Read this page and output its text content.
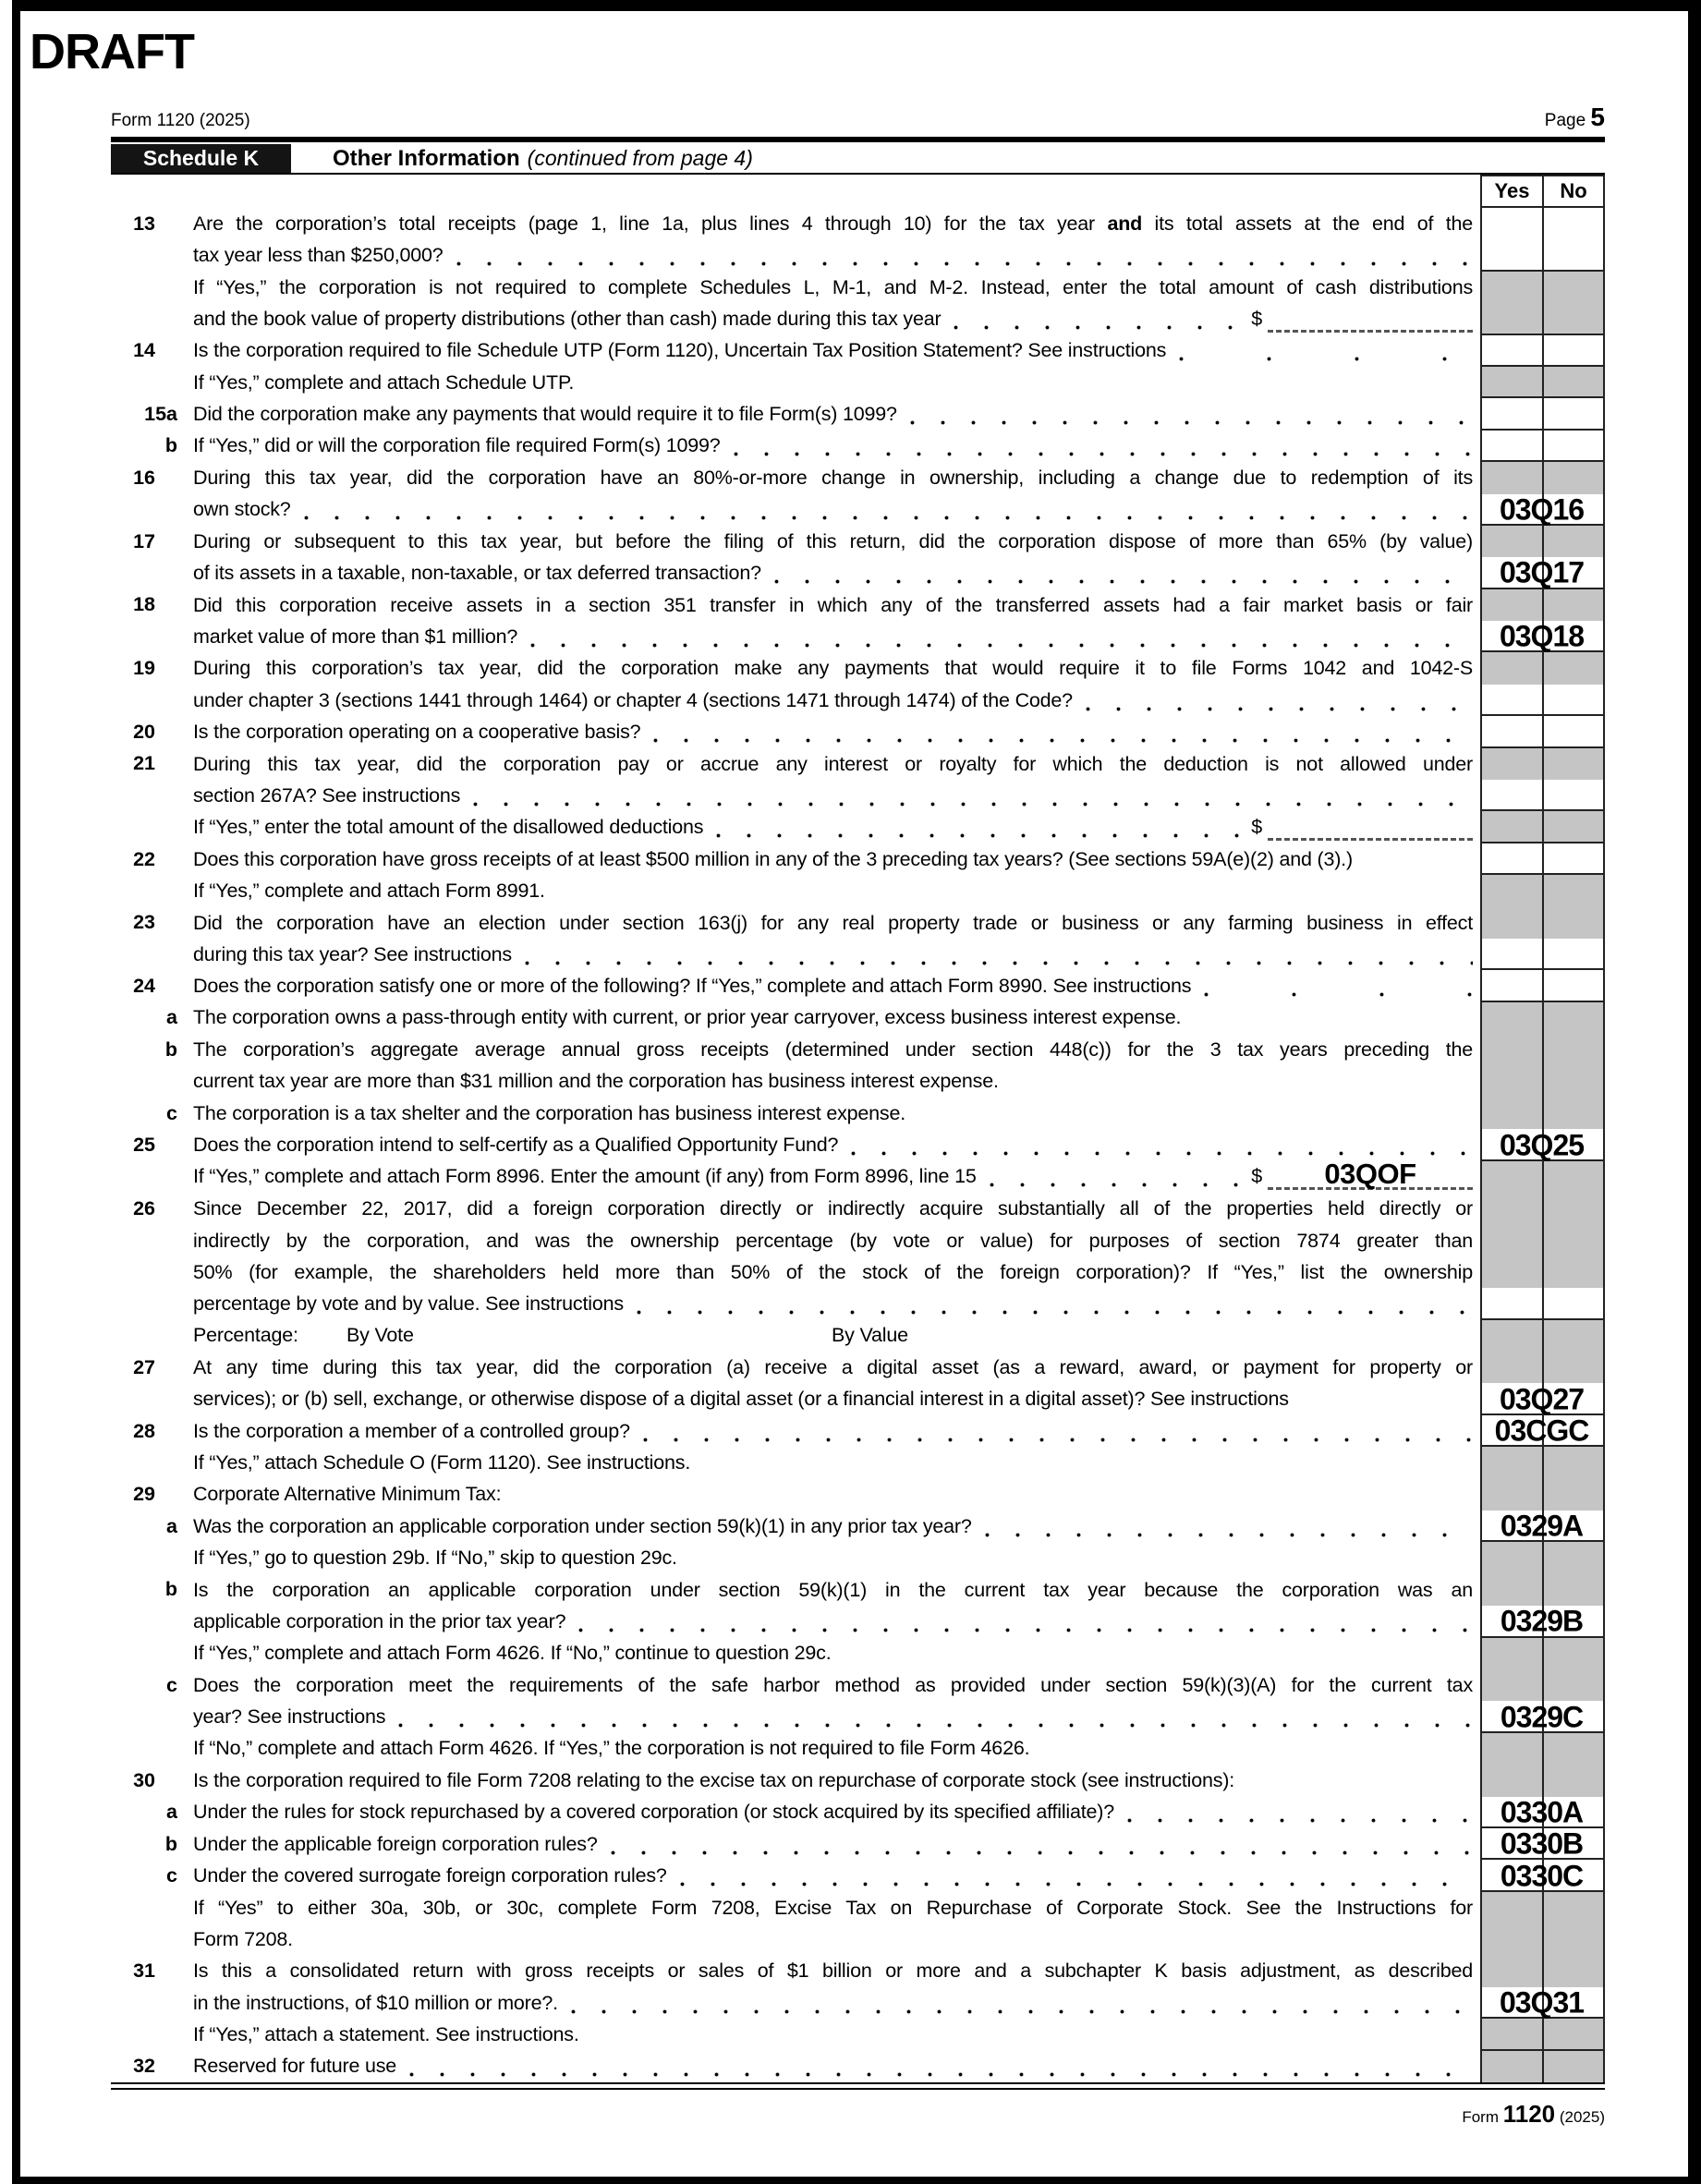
DRAFT
Form 1120 (2025)	Page 5
Schedule K	Other Information (continued from page 4)
Yes	No
13	Are the corporation’s total receipts (page 1, line 1a, plus lines 4 through 10) for the tax year and its total assets at the end of the
tax year less than $250,000?
If “Yes,” the corporation is not required to complete Schedules L, M-1, and M-2. Instead, enter the total amount of cash distributions
and the book value of property distributions (other than cash) made during this tax year	$
14	Is the corporation required to file Schedule UTP (Form 1120), Uncertain Tax Position Statement? See instructions
If “Yes,” complete and attach Schedule UTP.
15a Did the corporation make any payments that would require it to file Form(s) 1099?
b If “Yes,” did or will the corporation file required Form(s) 1099?
16	During this tax year, did the corporation have an 80%-or-more change in ownership, including a change due to redemption of its
own stock?	03Q16
17	During or subsequent to this tax year, but before the filing of this return, did the corporation dispose of more than 65% (by value)
of its assets in a taxable, non-taxable, or tax deferred transaction?	03Q17
18	Did this corporation receive assets in a section 351 transfer in which any of the transferred assets had a fair market basis or fair
market value of more than $1 million?	03Q18
19	During this corporation’s tax year, did the corporation make any payments that would require it to file Forms 1042 and 1042-S
under chapter 3 (sections 1441 through 1464) or chapter 4 (sections 1471 through 1474) of the Code?
20	Is the corporation operating on a cooperative basis?
21	During this tax year, did the corporation pay or accrue any interest or royalty for which the deduction is not allowed under
section 267A? See instructions
If “Yes,” enter the total amount of the disallowed deductions	$
22	Does this corporation have gross receipts of at least $500 million in any of the 3 preceding tax years? (See sections 59A(e)(2) and (3).)
If “Yes,” complete and attach Form 8991.
23	Did the corporation have an election under section 163(j) for any real property trade or business or any farming business in effect
during this tax year? See instructions
24	Does the corporation satisfy one or more of the following? If “Yes,” complete and attach Form 8990. See instructions
a The corporation owns a pass-through entity with current, or prior year carryover, excess business interest expense.
b The corporation’s aggregate average annual gross receipts (determined under section 448(c)) for the 3 tax years preceding the
current tax year are more than $31 million and the corporation has business interest expense.
c The corporation is a tax shelter and the corporation has business interest expense.
25	Does the corporation intend to self-certify as a Qualified Opportunity Fund?	03Q25
If “Yes,” complete and attach Form 8996. Enter the amount (if any) from Form 8996, line 15	$	03QOF
26	Since December 22, 2017, did a foreign corporation directly or indirectly acquire substantially all of the properties held directly or
indirectly by the corporation, and was the ownership percentage (by vote or value) for purposes of section 7874 greater than
50% (for example, the shareholders held more than 50% of the stock of the foreign corporation)? If “Yes,” list the ownership
percentage by vote and by value. See instructions
Percentage:	By Vote	By Value
27	At any time during this tax year, did the corporation (a) receive a digital asset (as a reward, award, or payment for property or
services); or (b) sell, exchange, or otherwise dispose of a digital asset (or a financial interest in a digital asset)? See instructions	03Q27
28	Is the corporation a member of a controlled group?	03CGC
If “Yes,” attach Schedule O (Form 1120). See instructions.
29	Corporate Alternative Minimum Tax:
a Was the corporation an applicable corporation under section 59(k)(1) in any prior tax year?	0329A
If “Yes,” go to question 29b. If “No,” skip to question 29c.
b Is the corporation an applicable corporation under section 59(k)(1) in the current tax year because the corporation was an
applicable corporation in the prior tax year?	0329B
If “Yes,” complete and attach Form 4626. If “No,” continue to question 29c.
c Does the corporation meet the requirements of the safe harbor method as provided under section 59(k)(3)(A) for the current tax
year? See instructions	0329C
If “No,” complete and attach Form 4626. If “Yes,” the corporation is not required to file Form 4626.
30	Is the corporation required to file Form 7208 relating to the excise tax on repurchase of corporate stock (see instructions):
a Under the rules for stock repurchased by a covered corporation (or stock acquired by its specified affiliate)?	0330A
b Under the applicable foreign corporation rules?	0330B
c Under the covered surrogate foreign corporation rules?	0330C
If “Yes” to either 30a, 30b, or 30c, complete Form 7208, Excise Tax on Repurchase of Corporate Stock. See the Instructions for
Form 7208.
31	Is this a consolidated return with gross receipts or sales of $1 billion or more and a subchapter K basis adjustment, as described
in the instructions, of $10 million or more?.	03Q31
If “Yes,” attach a statement. See instructions.
32	Reserved for future use
Form 1120 (2025)
